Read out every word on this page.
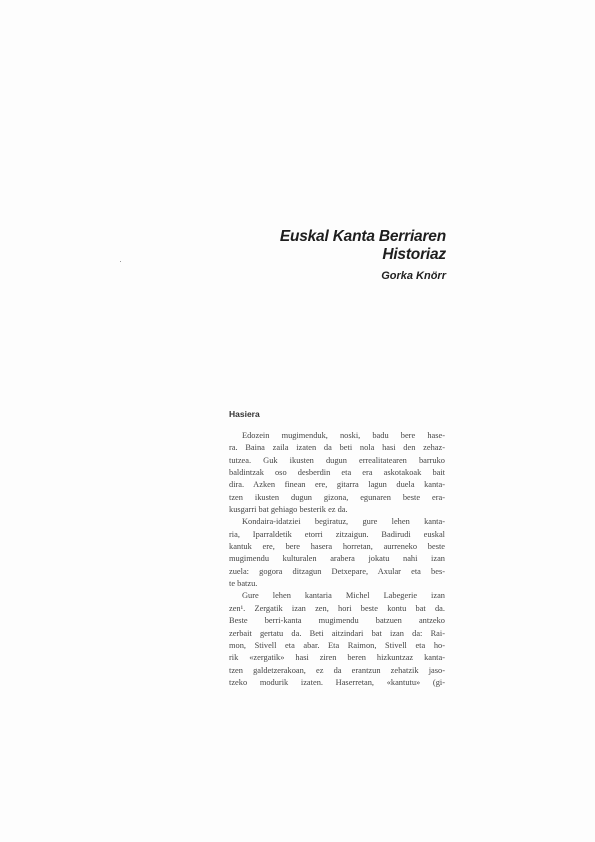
Euskal Kanta Berriaren Historiaz
Gorka Knörr
Hasiera
Edozein mugimenduk, noski, badu bere hase-
ra. Baina zaila izaten da beti nola hasi den zehaz-
tutzea. Guk ikusten dugun errealitatearen barruko
baldintzak oso desberdin eta era askotakoak bait
dira. Azken finean ere, gitarra lagun duela kanta-
tzen ikusten dugun gizona, egunaren beste era-
kusgarri bat gehiago besterik ez da.
Kondaira-idatziei begiratuz, gure lehen kanta-
ria, Iparraldetik etorri zitzaigun. Badirudi euskal
kantuk ere, bere hasera horretan, aurreneko beste
mugimendu kulturalen arabera jokatu nahi izan
zuela: gogora ditzagun Detxepare, Axular eta bes-
te batzu.
Gure lehen kantaria Michel Labegerie izan
zen¹. Zergatik izan zen, hori beste kontu bat da.
Beste berri-kanta mugimendu batzuen antzeko
zerbait gertatu da. Beti aitzindari bat izan da: Rai-
mon, Stivell eta abar. Eta Raimon, Stivell eta ho-
rik «zergatik» hasi ziren beren hizkuntzaz kanta-
tzen galdetzerakoan, ez da erantzun zehatzik jaso-
tzeko modurik izaten. Haserretan, «kantutu» (gi-
